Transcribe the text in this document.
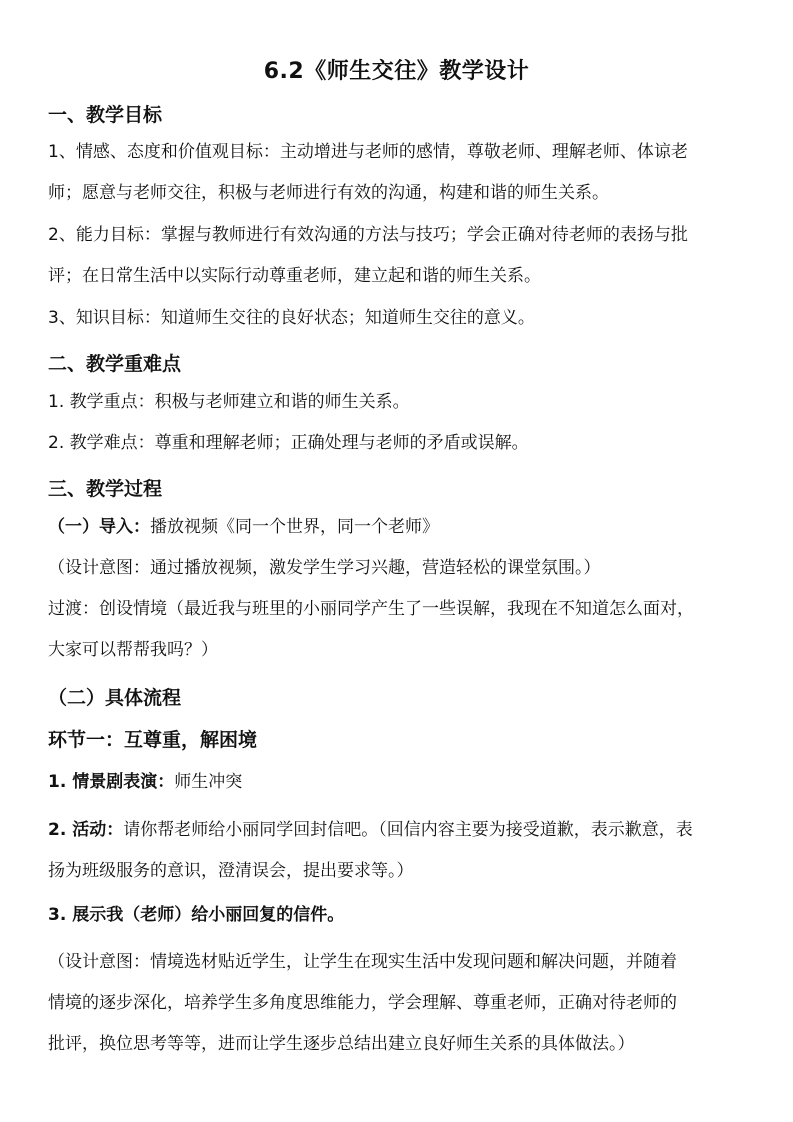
6.2《师生交往》教学设计
一、教学目标
1、情感、态度和价值观目标：主动增进与老师的感情，尊敬老师、理解老师、体谅老
师；愿意与老师交往，积极与老师进行有效的沟通，构建和谐的师生关系。
2、能力目标：掌握与教师进行有效沟通的方法与技巧；学会正确对待老师的表扬与批
评；在日常生活中以实际行动尊重老师，建立起和谐的师生关系。
3、知识目标：知道师生交往的良好状态；知道师生交往的意义。
二、教学重难点
1. 教学重点：积极与老师建立和谐的师生关系。
2. 教学难点：尊重和理解老师；正确处理与老师的矛盾或误解。
三、教学过程
（一）导入：播放视频《同一个世界，同一个老师》
（设计意图：通过播放视频，激发学生学习兴趣，营造轻松的课堂氛围。）
过渡：创设情境（最近我与班里的小丽同学产生了一些误解，我现在不知道怎么面对，
大家可以帮帮我吗？）
（二）具体流程
环节一：互尊重，解困境
1. 情景剧表演：师生冲突
2. 活动：请你帮老师给小丽同学回封信吧。（回信内容主要为接受道歉，表示歉意，表
扬为班级服务的意识，澄清误会，提出要求等。）
3. 展示我（老师）给小丽回复的信件。
（设计意图：情境选材贴近学生，让学生在现实生活中发现问题和解决问题，并随着
情境的逐步深化，培养学生多角度思维能力，学会理解、尊重老师，正确对待老师的
批评，换位思考等等，进而让学生逐步总结出建立良好师生关系的具体做法。）
